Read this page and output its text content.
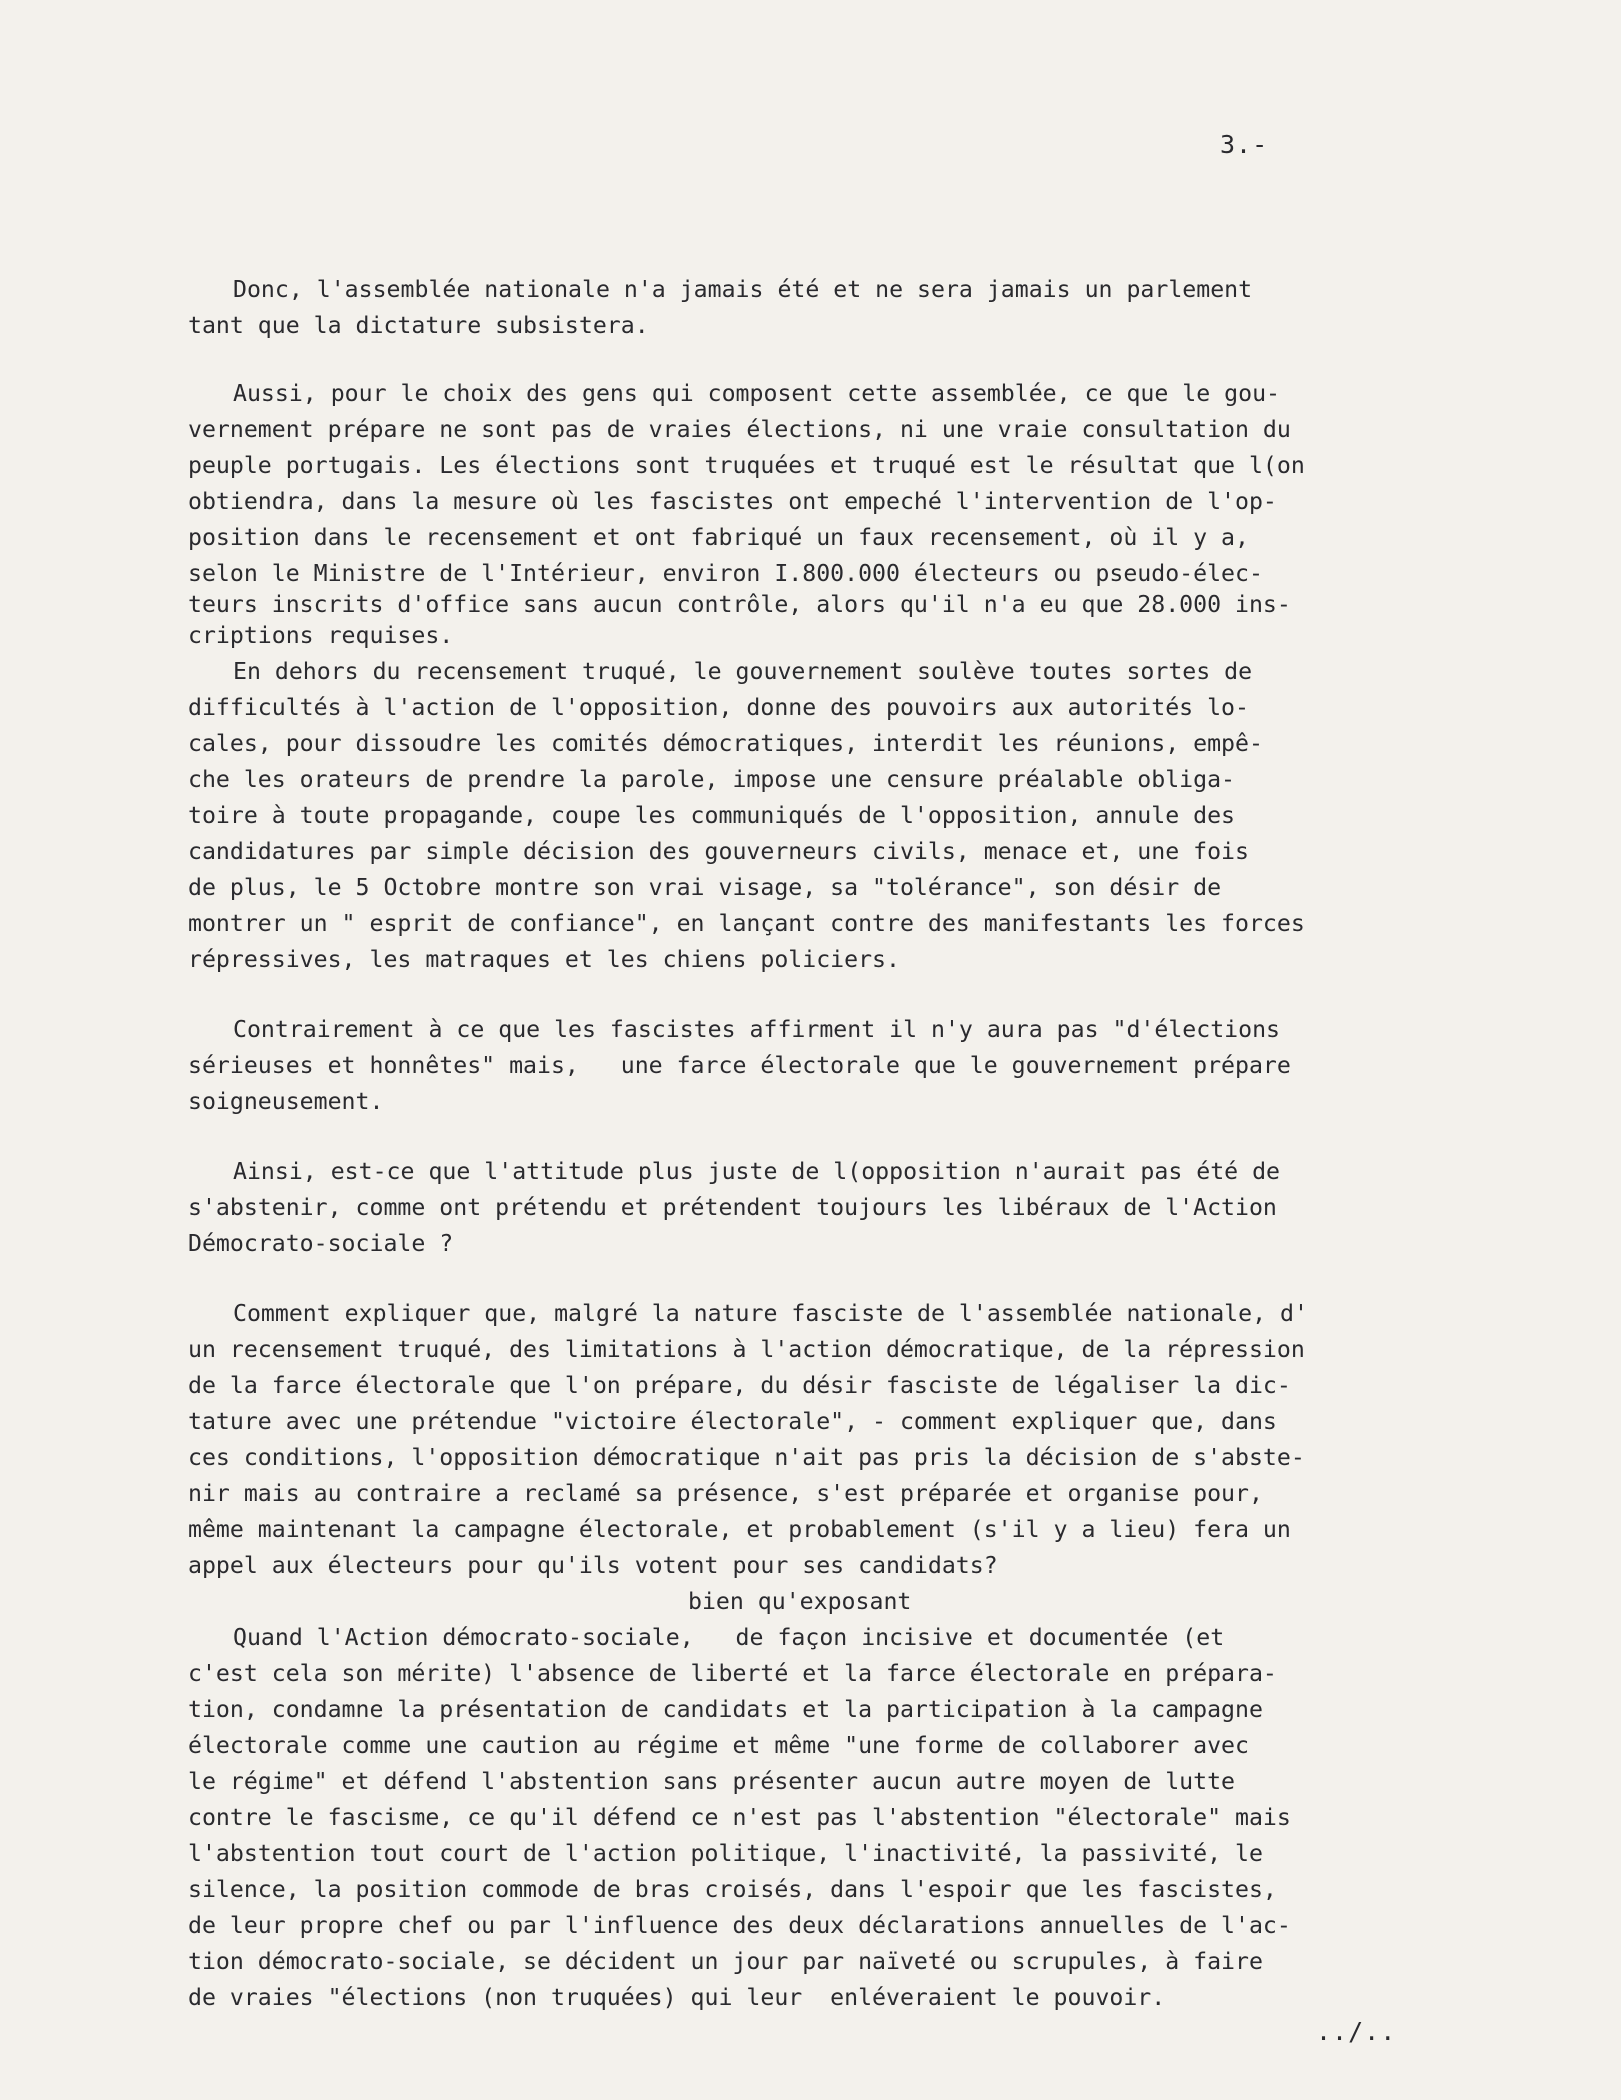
3.-
Donc, l'assemblée nationale n'a jamais été et ne sera jamais un parlement
tant que la dictature subsistera.
Aussi, pour le choix des gens qui composent cette assemblée, ce que le gou-
vernement prépare ne sont pas de vraies élections, ni une vraie consultation du
peuple portugais. Les élections sont truquées et truqué est le résultat que l(on
obtiendra, dans la mesure où les fascistes ont empeché l'intervention de l'op-
position dans le recensement et ont fabriqué un faux recensement, où il y a,
selon le Ministre de l'Intérieur, environ I.800.000 électeurs ou pseudo-élec-
teurs inscrits d'office sans aucun contrôle, alors qu'il n'a eu que 28.000 ins-
criptions requises.
En dehors du recensement truqué, le gouvernement soulève toutes sortes de
difficultés à l'action de l'opposition, donne des pouvoirs aux autorités lo-
cales, pour dissoudre les comités démocratiques, interdit les réunions, empê-
che les orateurs de prendre la parole, impose une censure préalable obliga-
toire à toute propagande, coupe les communiqués de l'opposition, annule des
candidatures par simple décision des gouverneurs civils, menace et, une fois
de plus, le 5 Octobre montre son vrai visage, sa "tolérance", son désir de
montrer un " esprit de confiance", en lançant contre des manifestants les forces
répressives, les matraques et les chiens policiers.
Contrairement à ce que les fascistes affirment il n'y aura pas "d'élections
sérieuses et honnêtes" mais,   une farce électorale que le gouvernement prépare
soigneusement.
Ainsi, est-ce que l'attitude plus juste de l(opposition n'aurait pas été de
s'abstenir, comme ont prétendu et prétendent toujours les libéraux de l'Action
Démocrato-sociale ?
Comment expliquer que, malgré la nature fasciste de l'assemblée nationale, d'
un recensement truqué, des limitations à l'action démocratique, de la répression
de la farce électorale que l'on prépare, du désir fasciste de légaliser la dic-
tature avec une prétendue "victoire électorale", - comment expliquer que, dans
ces conditions, l'opposition démocratique n'ait pas pris la décision de s'abste-
nir mais au contraire a reclamé sa présence, s'est préparée et organise pour,
même maintenant la campagne électorale, et probablement (s'il y a lieu) fera un
appel aux électeurs pour qu'ils votent pour ses candidats?
bien qu'exposant
Quand l'Action démocrato-sociale,   de façon incisive et documentée (et
c'est cela son mérite) l'absence de liberté et la farce électorale en prépara-
tion, condamne la présentation de candidats et la participation à la campagne
électorale comme une caution au régime et même "une forme de collaborer avec
le régime" et défend l'abstention sans présenter aucun autre moyen de lutte
contre le fascisme, ce qu'il défend ce n'est pas l'abstention "électorale" mais
l'abstention tout court de l'action politique, l'inactivité, la passivité, le
silence, la position commode de bras croisés, dans l'espoir que les fascistes,
de leur propre chef ou par l'influence des deux déclarations annuelles de l'ac-
tion démocrato-sociale, se décident un jour par naïveté ou scrupules, à faire
de vraies "élections (non truquées) qui leur  enléveraient le pouvoir.
../..
